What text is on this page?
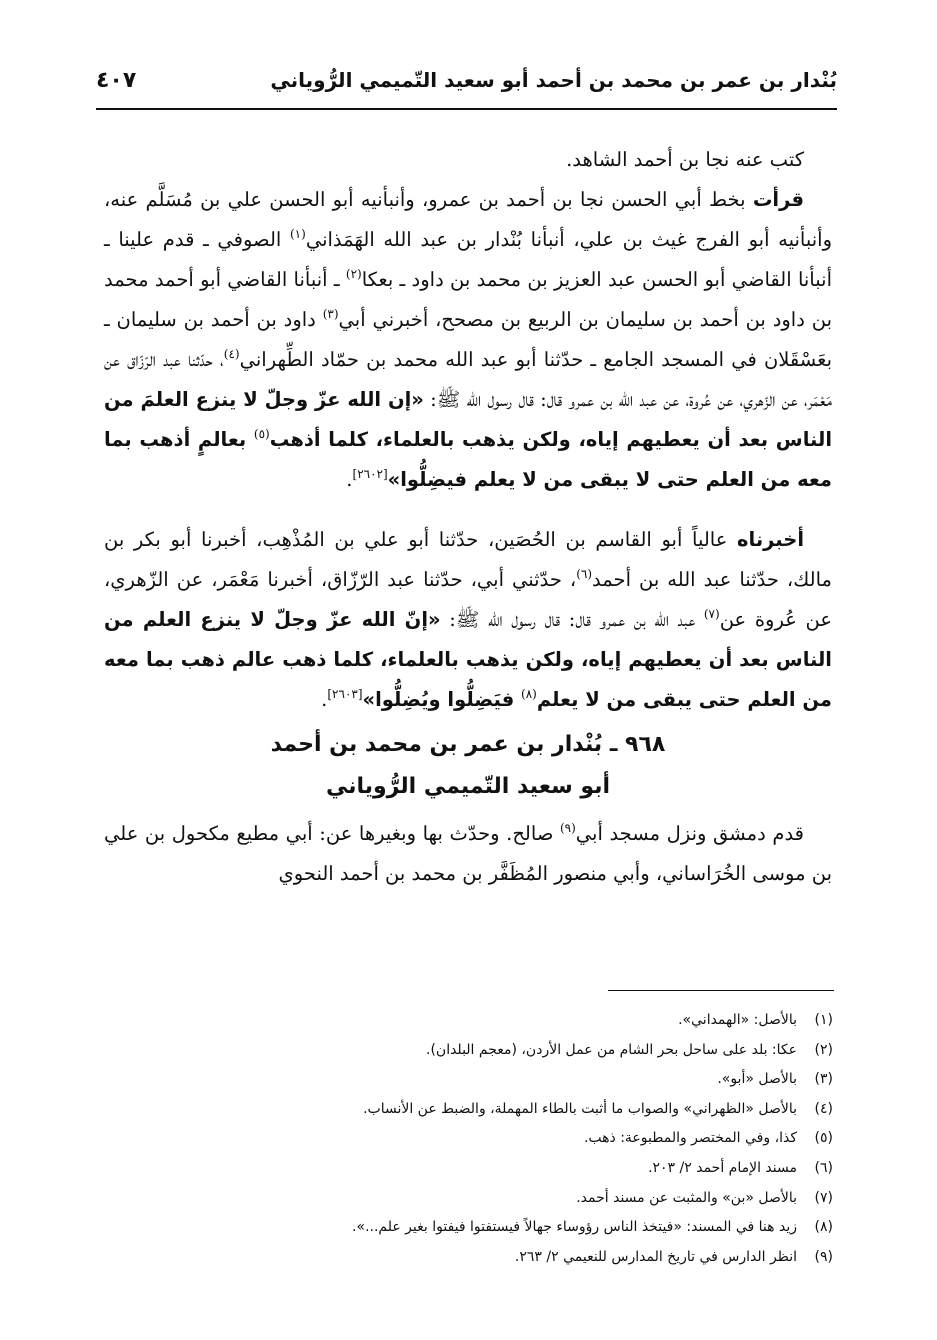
بُنْدار بن عمر بن محمد بن أحمد أبو سعيد التّميمي الرُّوياني
٤٠٧

كتب عنه نجا بن أحمد الشاهد.

قرأت بخط أبي الحسن نجا بن أحمد بن عمرو، وأنبأنيه أبو الحسن علي بن مُسَلَّم عنه، وأنبأنيه أبو الفرج غيث بن علي، أنبأنا بُنْدار بن عبد الله الهَمَذاني$^{(١)}$ الصوفي ـ قدم علينا ـ أنبأنا القاضي أبو الحسن عبد العزيز بن محمد بن داود ـ بعكا$^{(٢)}$ ـ أنبأنا القاضي أبو أحمد محمد بن داود بن أحمد بن سليمان بن الربيع بن مصحح، أخبرني أبي$^{(٣)}$ داود بن أحمد بن سليمان ـ بعَسْقَلان في المسجد الجامع ـ حدّثنا أبو عبد الله محمد بن حمّاد الطِّهراني$^{(٤)}$، حدّثنا عبد الرّزّاق عن مَعْمَر، عن الزّهري، عن عُروة، عن عبد الله بن عمرو قال: قال رسول الله ﷺ: «إن الله عزّ وجلّ لا ينزع العلمَ من الناس بعد أن يعطيهم إياه، ولكن يذهب بالعلماء، كلما أذهب$^{(٥)}$ بعالمٍ أذهب بما معه من العلم حتى لا يبقى من لا يعلم فيضِلُّوا»[٢٦٠٢].

أخبرناه عالياً أبو القاسم بن الحُصَين، حدّثنا أبو علي بن المُذْهِب، أخبرنا أبو بكر بن مالك، حدّثنا عبد الله بن أحمد$^{(٦)}$، حدّثني أبي، حدّثنا عبد الرّزّاق، أخبرنا مَعْمَر، عن الزّهري، عن عُروة عن$^{(٧)}$ عبد الله بن عمرو قال: قال رسول الله ﷺ: «إنّ الله عزّ وجلّ لا ينزع العلم من الناس بعد أن يعطيهم إياه، ولكن يذهب بالعلماء، كلما ذهب عالم ذهب بما معه من العلم حتى يبقى من لا يعلم$^{(٨)}$ فيَضِلُّوا ويُضِلُّوا»[٢٦٠٣].

٩٦٨ ـ بُنْدار بن عمر بن محمد بن أحمد
أبو سعيد التّميمي الرُّوياني

قدم دمشق ونزل مسجد أبي$^{(٩)}$ صالح. وحدّث بها وبغيرها عن: أبي مطيع مكحول بن علي بن موسى الخُرَاساني، وأبي منصور المُظَفَّر بن محمد بن أحمد النحوي

(١)
بالأصل: «الهمداني».
(٢)
عكا: بلد على ساحل بحر الشام من عمل الأردن، (معجم البلدان).
(٣)
بالأصل «أبو».
(٤)
بالأصل «الظهراني» والصواب ما أثبت بالطاء المهملة، والضبط عن الأنساب.
(٥)
كذا، وفي المختصر والمطبوعة: ذهب.
(٦)
مسند الإمام أحمد ٢/ ٢٠٣.
(٧)
بالأصل «بن» والمثبت عن مسند أحمد.
(٨)
زيد هنا في المسند: «فيتخذ الناس رؤوساء جهالاً فيستفتوا فيفتوا بغير علم...».
(٩)
انظر الدارس في تاريخ المدارس للنعيمي ٢/ ٢٦٣.
